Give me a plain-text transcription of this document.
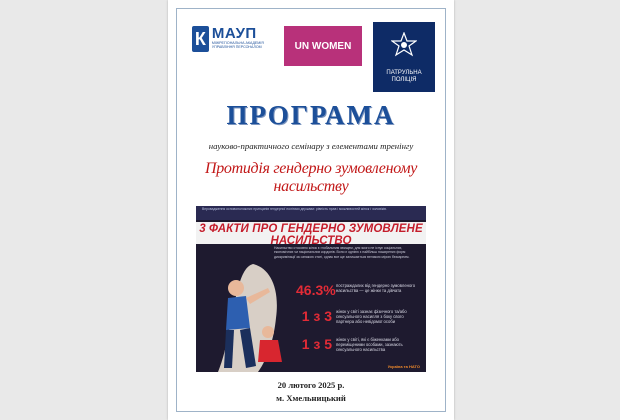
К МАУП
МІЖРЕГІОНАЛЬНА АКАДЕМІЯ УПРАВЛІННЯ ПЕРСОНАЛОМ	UN WOMEN
ПАТРУЛЬНА ПОЛІЦІЯ
ПРОГРАМА
науково-практичного семінару з елементами тренінгу
Протидія гендерно зумовленому насильству
Впровадження основоположних принципів гендерної політики держави: рівність прав і можливостей жінок і чоловіків.
3 ФАКТИ ПРО ГЕНДЕРНО ЗУМОВЛЕНЕ НАСИЛЬСТВО
Насильство стосовно жінок є глобальним явищем, для якого не існує соціальних, економічних чи національних кордонів. Воно є однією з найбільш поширених форм дискримінації за ознакою статі, однак все ще залишається великою мірою безкарним.
46.3% постраждалих від гендерно зумовленого насильства — це жінки та дівчата
1 з 3 жінок у світі зазнає фізичного та/або сексуального насилля з боку свого партнера або невідомої особи
1 з 5 жінок у світі, які є біженками або переміщеними особами, зазнають сексуального насильства
Україна та НАТО
20 лютого 2025 р.
м. Хмельницький
